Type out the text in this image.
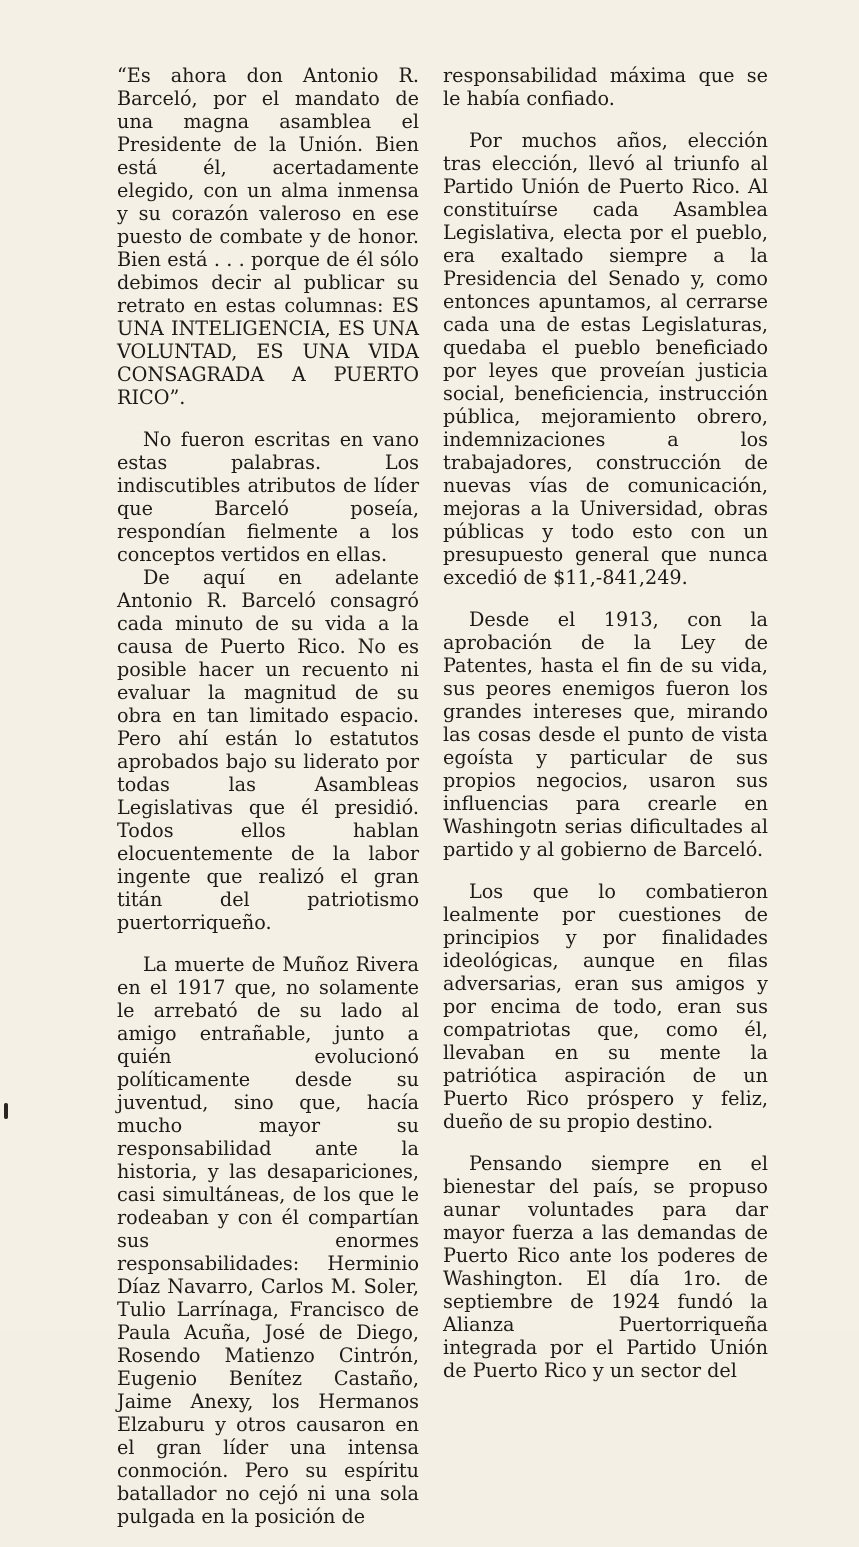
“Es ahora don Antonio R. Barceló, por el mandato de una magna asamblea el Presidente de la Unión. Bien está él, acertadamente elegido, con un alma inmensa y su corazón valeroso en ese puesto de combate y de honor. Bien está . . . porque de él sólo debimos decir al publicar su retrato en estas columnas: ES UNA INTELIGENCIA, ES UNA VOLUNTAD, ES UNA VIDA CONSAGRADA A PUERTO RICO”.

No fueron escritas en vano estas palabras. Los indiscutibles atributos de líder que Barceló poseía, respondían fielmente a los conceptos vertidos en ellas.

De aquí en adelante Antonio R. Barceló consagró cada minuto de su vida a la causa de Puerto Rico. No es posible hacer un recuento ni evaluar la magnitud de su obra en tan limitado espacio. Pero ahí están lo estatutos aprobados bajo su liderato por todas las Asambleas Legislativas que él presidió. Todos ellos hablan elocuentemente de la labor ingente que realizó el gran titán del patriotismo puertorriqueño.

La muerte de Muñoz Rivera en el 1917 que, no solamente le arrebató de su lado al amigo entrañable, junto a quién evolucionó políticamente desde su juventud, sino que, hacía mucho mayor su responsabilidad ante la historia, y las desapariciones, casi simultáneas, de los que le rodeaban y con él compartían sus enormes responsabilidades: Herminio Díaz Navarro, Carlos M. Soler, Tulio Larrínaga, Francisco de Paula Acuña, José de Diego, Rosendo Matienzo Cintrón, Eugenio Benítez Castaño, Jaime Anexy, los Hermanos Elzaburu y otros causaron en el gran líder una intensa conmoción. Pero su espíritu batallador no cejó ni una sola pulgada en la posición de

responsabilidad máxima que se le había confiado.

Por muchos años, elección tras elección, llevó al triunfo al Partido Unión de Puerto Rico. Al constituírse cada Asamblea Legislativa, electa por el pueblo, era exaltado siempre a la Presidencia del Senado y, como entonces apuntamos, al cerrarse cada una de estas Legislaturas, quedaba el pueblo beneficiado por leyes que proveían justicia social, beneficiencia, instrucción pública, mejoramiento obrero, indemnizaciones a los trabajadores, construcción de nuevas vías de comunicación, mejoras a la Universidad, obras públicas y todo esto con un presupuesto general que nunca excedió de $11,-841,249.

Desde el 1913, con la aprobación de la Ley de Patentes, hasta el fin de su vida, sus peores enemigos fueron los grandes intereses que, mirando las cosas desde el punto de vista egoísta y particular de sus propios negocios, usaron sus influencias para crearle en Washingotn serias dificultades al partido y al gobierno de Barceló.

Los que lo combatieron lealmente por cuestiones de principios y por finalidades ideológicas, aunque en filas adversarias, eran sus amigos y por encima de todo, eran sus compatriotas que, como él, llevaban en su mente la patriótica aspiración de un Puerto Rico próspero y feliz, dueño de su propio destino.

Pensando siempre en el bienestar del país, se propuso aunar voluntades para dar mayor fuerza a las demandas de Puerto Rico ante los poderes de Washington. El día 1ro. de septiembre de 1924 fundó la Alianza Puertorriqueña integrada por el Partido Unión de Puerto Rico y un sector del
